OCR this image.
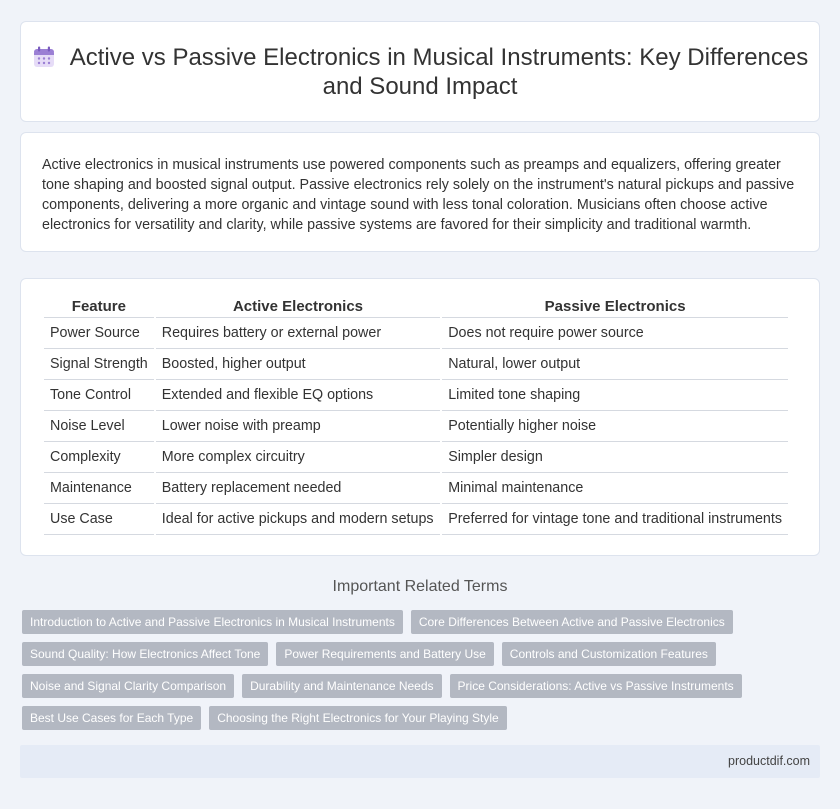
Active vs Passive Electronics in Musical Instruments: Key Differences and Sound Impact

Active electronics in musical instruments use powered components such as preamps and equalizers, offering greater tone shaping and boosted signal output. Passive electronics rely solely on the instrument's natural pickups and passive components, delivering a more organic and vintage sound with less tonal coloration. Musicians often choose active electronics for versatility and clarity, while passive systems are favored for their simplicity and traditional warmth.

Feature	Active Electronics	Passive Electronics
Power Source	Requires battery or external power	Does not require power source
Signal Strength	Boosted, higher output	Natural, lower output
Tone Control	Extended and flexible EQ options	Limited tone shaping
Noise Level	Lower noise with preamp	Potentially higher noise
Complexity	More complex circuitry	Simpler design
Maintenance	Battery replacement needed	Minimal maintenance
Use Case	Ideal for active pickups and modern setups	Preferred for vintage tone and traditional instruments
Important Related Terms
Introduction to Active and Passive Electronics in Musical Instruments	Core Differences Between Active and Passive Electronics
Sound Quality: How Electronics Affect Tone	Power Requirements and Battery Use	Controls and Customization Features
Noise and Signal Clarity Comparison	Durability and Maintenance Needs	Price Considerations: Active vs Passive Instruments
Best Use Cases for Each Type	Choosing the Right Electronics for Your Playing Style
productdif.com
